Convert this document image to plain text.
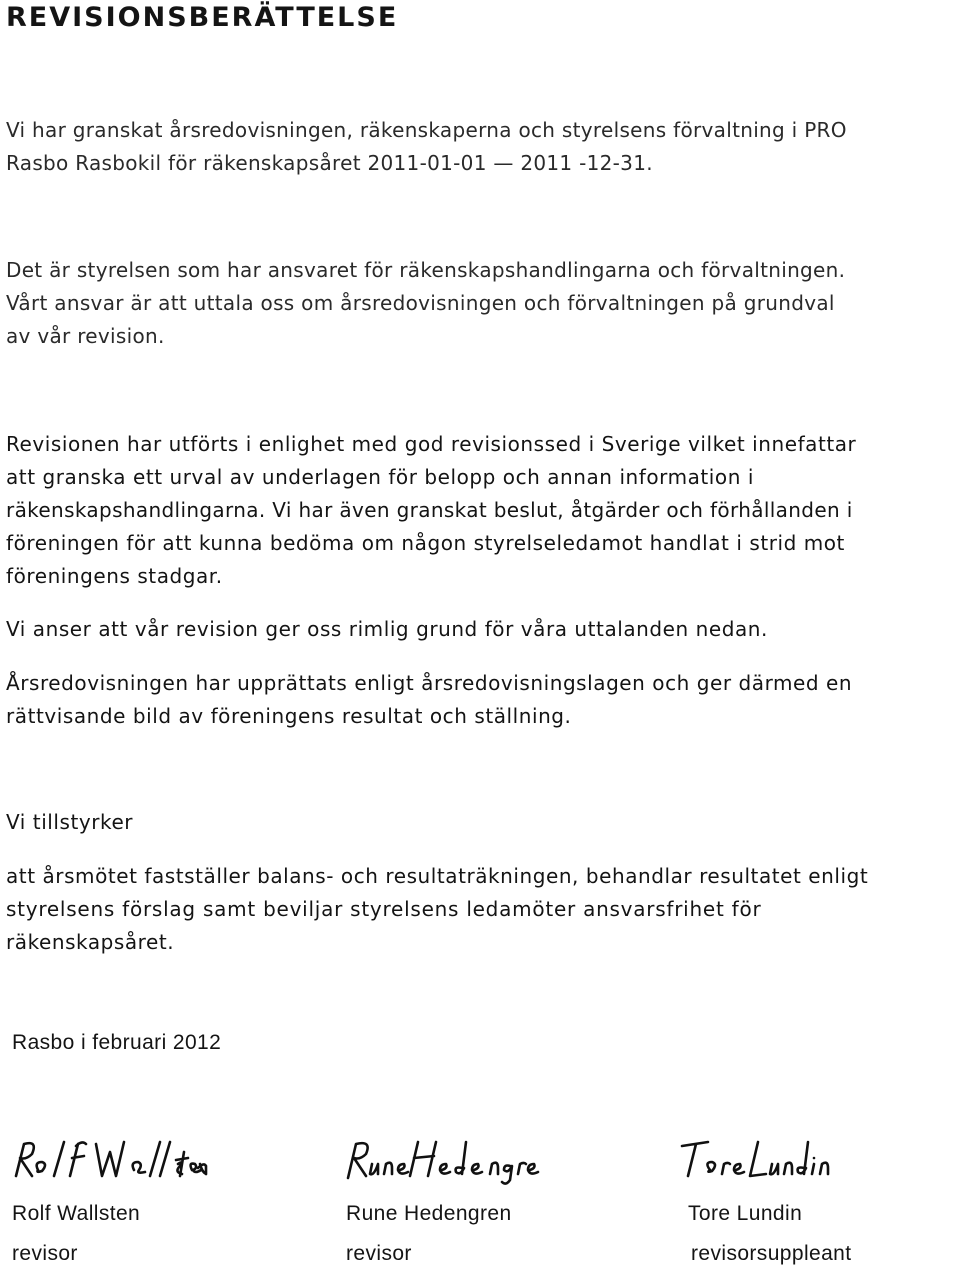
REVISIONSBERÄTTELSE

Vi har granskat årsredovisningen, räkenskaperna och styrelsens förvaltning i PRO

Rasbo Rasbokil för räkenskapsåret 2011-01-01 — 2011 -12-31.

Det är styrelsen som har ansvaret för räkenskapshandlingarna och förvaltningen.

Vårt ansvar är att uttala oss om årsredovisningen och förvaltningen på grundval

av vår revision.

Revisionen har utförts i enlighet med god revisionssed i Sverige vilket innefattar

att granska ett urval av underlagen för belopp och annan information i

räkenskapshandlingarna. Vi har även granskat beslut, åtgärder och förhållanden i

föreningen för att kunna bedöma om någon styrelseledamot handlat i strid mot

föreningens stadgar.

Vi anser att vår revision ger oss rimlig grund för våra uttalanden nedan.

Årsredovisningen har upprättats enligt årsredovisningslagen och ger därmed en

rättvisande bild av föreningens resultat och ställning.

Vi tillstyrker

att årsmötet fastställer balans- och resultaträkningen, behandlar resultatet enligt

styrelsens förslag samt beviljar styrelsens ledamöter ansvarsfrihet för

räkenskapsåret.

Rasbo i februari 2012
Rolf Wallsten	Rune Hedengren	Tore Lundin
revisor	revisor	revisorsuppleant
